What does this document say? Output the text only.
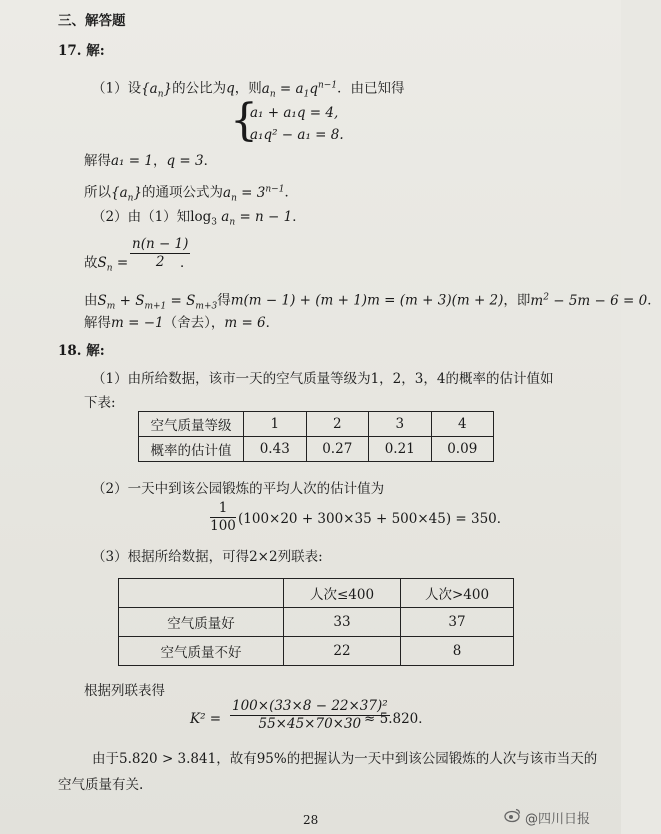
三、解答题
17. 解:
（1）设$\{a_n\}$的公比为q，则$a_n = a_1q^{n-1}$．由已知得
{
a₁ + a₁q = 4,
a₁q² − a₁ = 8.
解得a₁ = 1，q = 3．
所以$\{a_n\}$的通项公式为$a_n = 3^{n-1}$．
（2）由（1）知$\log_3 a_n = n - 1$．
故$S_n = \frac{n(n - 1)}{2}$
．
由$S_m + S_{m+1} = S_{m+3}$得m(m − 1) + (m + 1)m = (m + 3)(m + 2)，即$m^2 - 5m - 6 = 0$．
解得m = −1（舍去），m = 6．
18. 解:
（1）由所给数据，该市一天的空气质量等级为1，2，3，4的概率的估计值如
下表:
空气质量等级	1	2	3	4
概率的估计值	0.43	0.27	0.21	0.09
（2）一天中到该公园锻炼的平均人次的估计值为
$\frac{1}{100} (100\times 20 + 300\times 35 + 500\times 45) = 350$．
（3）根据所给数据，可得2×2列联表:
	人次≤400	人次>400
空气质量好	33	37
空气质量不好	22	8
根据列联表得
$K^2 = \frac{\text{100×(33×8 − 22×37)²}}{55\times 45\times 70\times 30}$
≈ 5.820．
由于5.820 > 3.841，故有95%的把握认为一天中到该公园锻炼的人次与该市当天的
空气质量有关.
28	@四川日报
